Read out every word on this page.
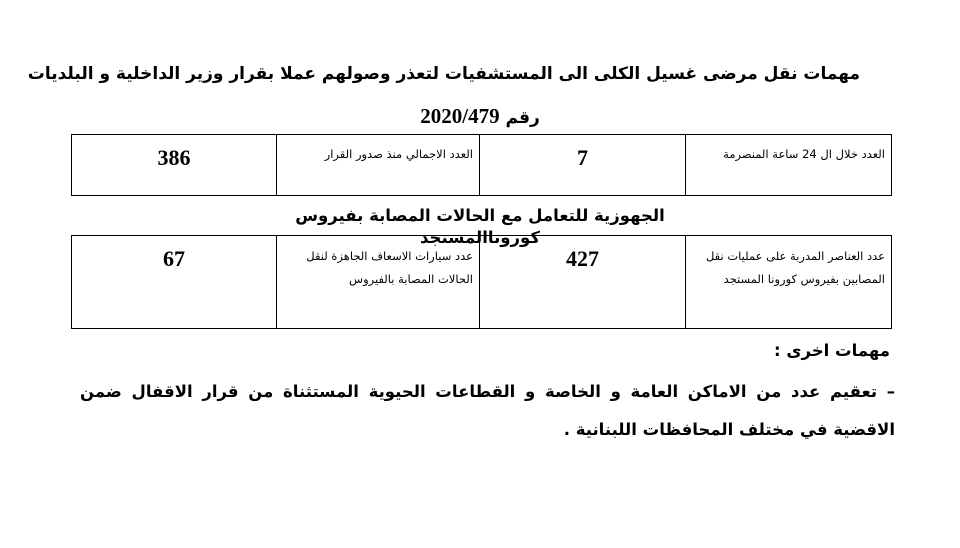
مهمات نقل مرضى غسيل الكلى الى المستشفيات لتعذر وصولهم عملا بقرار وزير الداخلية و البلديات
رقم 2020/479
العدد خلال ال 24 ساعة المنصرمة	7	العدد الاجمالي منذ صدور القرار	386
الجهوزية للتعامل مع الحالات المصابة بفيروس كوروناالمستجد
عدد العناصر المدربة على عمليات نقل المصابين بفيروس كورونا المستجد	427	عدد سيارات الاسعاف الجاهزة لنقل الحالات المصابة بالفيروس	67
مهمات اخرى :
– تعقيم عدد من الاماكن العامة و الخاصة و القطاعات الحيوية المستثناة من قرار الاقفال ضمن الاقضية في مختلف المحافظات اللبنانية .
